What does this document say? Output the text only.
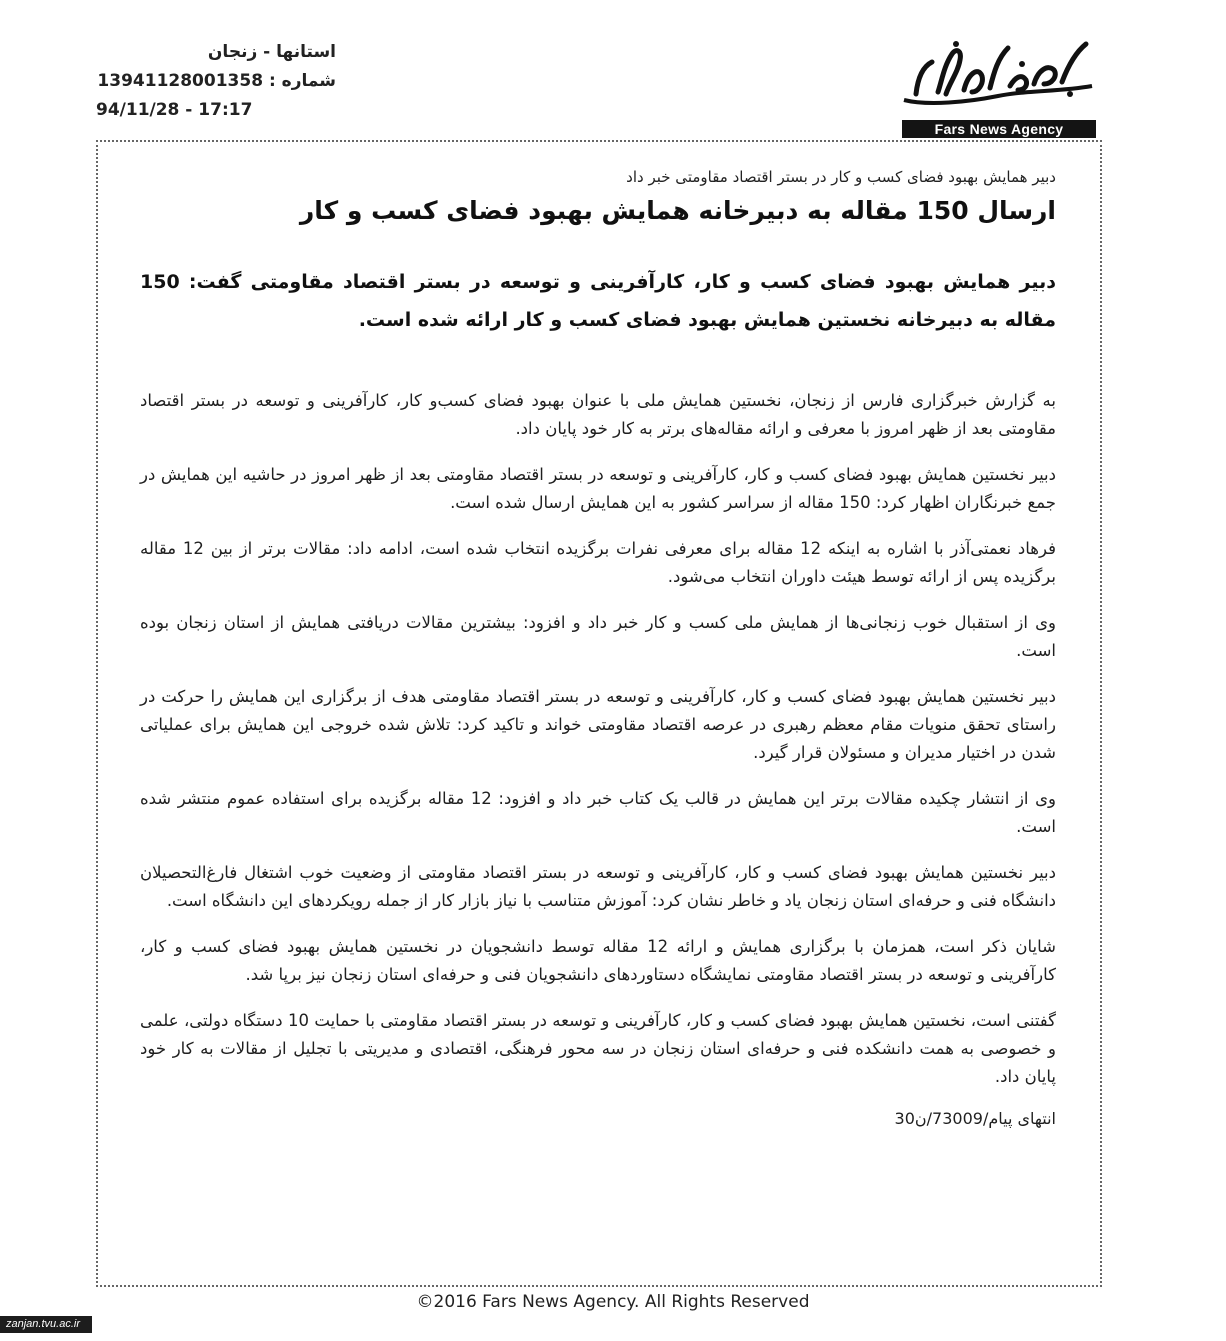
استانها - زنجان
شماره : 13941128001358
94/11/28 - 17:17
Fars News Agency
دبیر همایش بهبود فضای کسب و کار در بستر اقتصاد مقاومتی خبر داد
ارسال 150 مقاله به دبیرخانه همایش بهبود فضای کسب و کار
دبیر همایش بهبود فضای کسب و کار، کارآفرینی و توسعه در بستر اقتصاد مقاومتی گفت: 150 مقاله به دبیرخانه نخستین همایش بهبود فضای کسب و کار ارائه شده است.

به گزارش خبرگزاری فارس از زنجان، نخستین همایش ملی با عنوان بهبود فضای کسب‌و کار، کارآفرینی و توسعه در بستر اقتصاد مقاومتی بعد از ظهر امروز با معرفی و ارائه مقاله‌های برتر به کار خود پایان داد.

دبیر نخستین همایش بهبود فضای کسب و کار، کارآفرینی و توسعه در بستر اقتصاد مقاومتی بعد از ظهر امروز در حاشیه این همایش در جمع خبرنگاران اظهار کرد: 150 مقاله از سراسر کشور به این همایش ارسال شده است.

فرهاد نعمتی‌آذر با اشاره به اینکه 12 مقاله برای معرفی نفرات برگزیده انتخاب شده است، ادامه داد: مقالات برتر از بین 12 مقاله برگزیده پس از ارائه توسط هیئت داوران انتخاب می‌شود.

وی از استقبال خوب زنجانی‌ها از همایش ملی کسب و کار خبر داد و افزود: بیشترین مقالات دریافتی همایش از استان زنجان بوده است.

دبیر نخستین همایش بهبود فضای کسب و کار، کارآفرینی و توسعه در بستر اقتصاد مقاومتی هدف از برگزاری این همایش را حرکت در راستای تحقق منویات مقام معظم رهبری در عرصه اقتصاد مقاومتی خواند و تاکید کرد: تلاش شده خروجی این همایش برای عملیاتی شدن در اختیار مدیران و مسئولان قرار گیرد.

وی از انتشار چکیده مقالات برتر این همایش در قالب یک کتاب خبر داد و افزود: 12 مقاله برگزیده برای استفاده عموم منتشر شده است.

دبیر نخستین همایش بهبود فضای کسب و کار، کارآفرینی و توسعه در بستر اقتصاد مقاومتی از وضعیت خوب اشتغال فارغ‌التحصیلان دانشگاه فنی و حرفه‌ای استان زنجان یاد و خاطر نشان کرد: آموزش متناسب با نیاز بازار کار از جمله رویکردهای این دانشگاه است.

شایان ذکر است، همزمان با برگزاری همایش و ارائه 12 مقاله توسط دانشجویان در نخستین همایش بهبود فضای کسب و کار، کارآفرینی و توسعه در بستر اقتصاد مقاومتی نمایشگاه دستاوردهای دانشجویان فنی و حرفه‌ای استان زنجان نیز برپا شد.

گفتنی است، نخستین همایش بهبود فضای کسب و کار، کارآفرینی و توسعه در بستر اقتصاد مقاومتی با حمایت 10 دستگاه دولتی، علمی و خصوصی به همت دانشکده فنی و حرفه‌ای استان زنجان در سه محور فرهنگی، اقتصادی و مدیریتی با تجلیل از مقالات به کار خود پایان داد.

انتهای پیام/73009/ن30
©2016 Fars News Agency. All Rights Reserved
zanjan.tvu.ac.ir
